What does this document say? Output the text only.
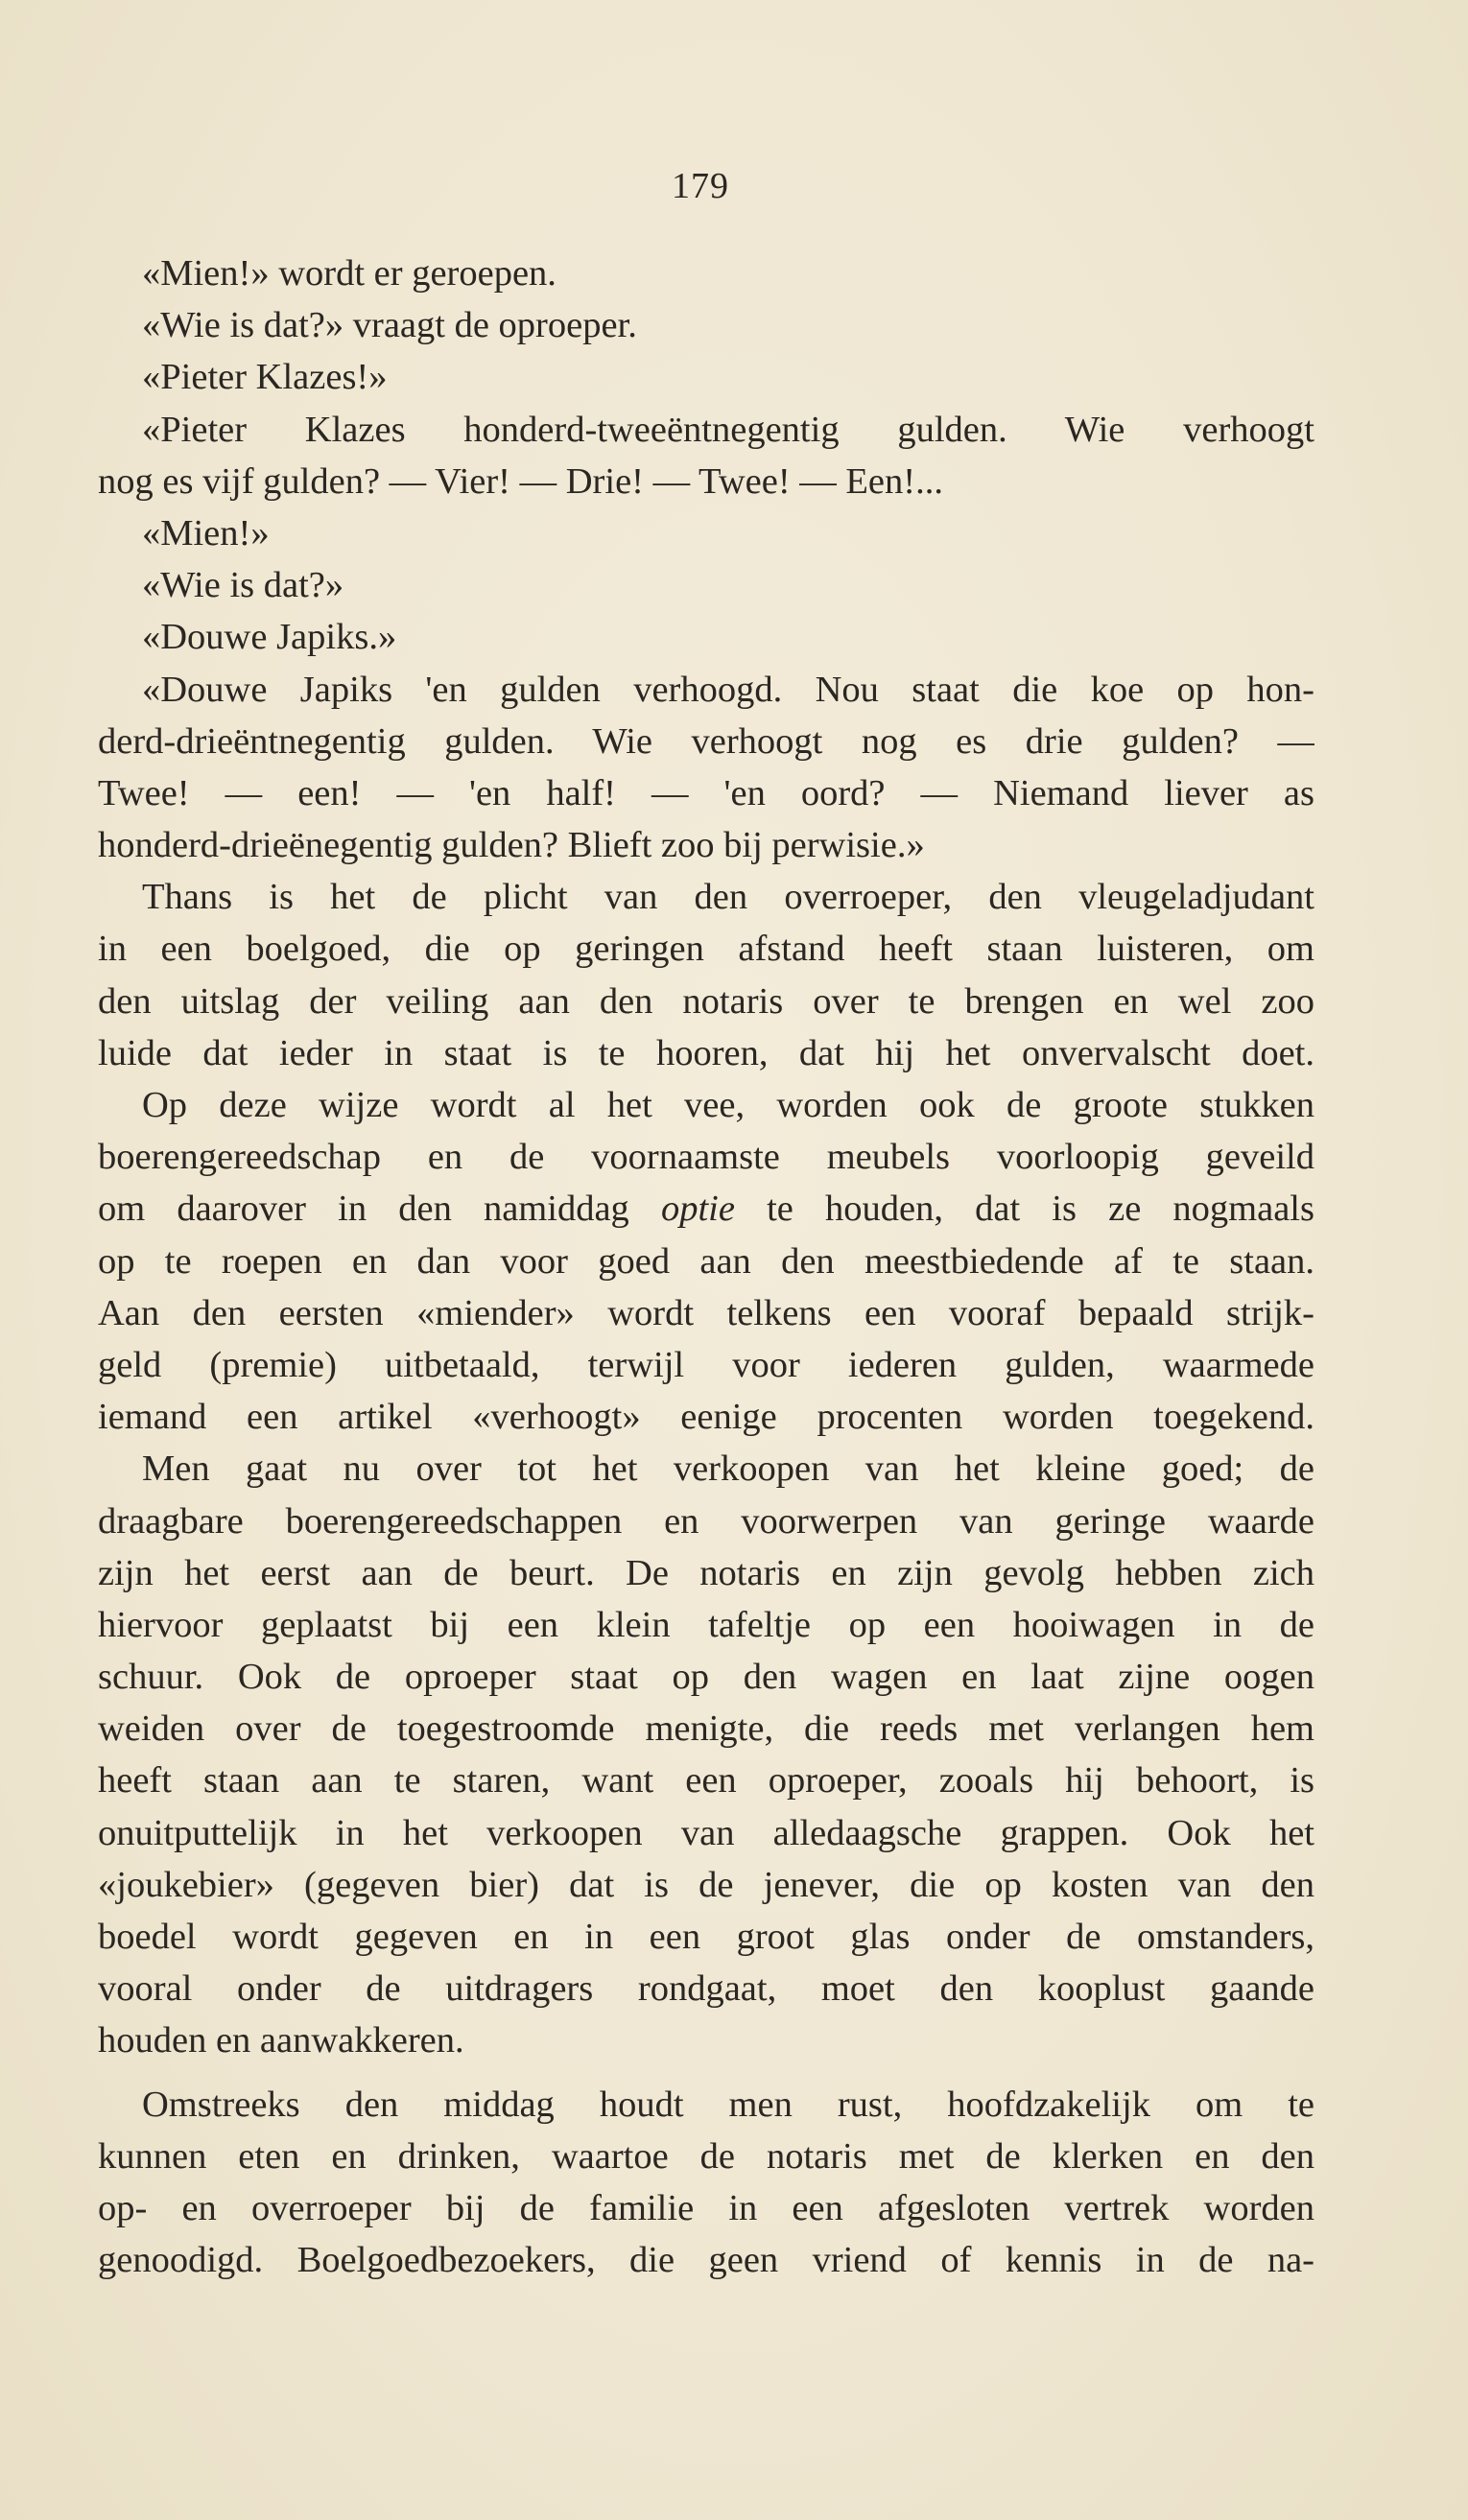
179
«Mien!» wordt er geroepen.
«Wie is dat?» vraagt de oproeper.
«Pieter Klazes!»
«Pieter Klazes honderd-tweeëntnegentig gulden. Wie verhoogt
nog es vijf gulden? — Vier! — Drie! — Twee! — Een!...
«Mien!»
«Wie is dat?»
«Douwe Japiks.»
«Douwe Japiks 'en gulden verhoogd. Nou staat die koe op hon-
derd-drieëntnegentig gulden. Wie verhoogt nog es drie gulden? —
Twee! — een! — 'en half! — 'en oord? — Niemand liever as
honderd-drieënegentig gulden? Blieft zoo bij perwisie.»
Thans is het de plicht van den overroeper, den vleugeladjudant
in een boelgoed, die op geringen afstand heeft staan luisteren, om
den uitslag der veiling aan den notaris over te brengen en wel zoo
luide dat ieder in staat is te hooren, dat hij het onvervalscht doet.
Op deze wijze wordt al het vee, worden ook de groote stukken
boerengereedschap en de voornaamste meubels voorloopig geveild
om daarover in den namiddag optie te houden, dat is ze nogmaals
op te roepen en dan voor goed aan den meestbiedende af te staan.
Aan den eersten «miender» wordt telkens een vooraf bepaald strijk-
geld (premie) uitbetaald, terwijl voor iederen gulden, waarmede
iemand een artikel «verhoogt» eenige procenten worden toegekend.
Men gaat nu over tot het verkoopen van het kleine goed; de
draagbare boerengereedschappen en voorwerpen van geringe waarde
zijn het eerst aan de beurt. De notaris en zijn gevolg hebben zich
hiervoor geplaatst bij een klein tafeltje op een hooiwagen in de
schuur. Ook de oproeper staat op den wagen en laat zijne oogen
weiden over de toegestroomde menigte, die reeds met verlangen hem
heeft staan aan te staren, want een oproeper, zooals hij behoort, is
onuitputtelijk in het verkoopen van alledaagsche grappen. Ook het
«joukebier» (gegeven bier) dat is de jenever, die op kosten van den
boedel wordt gegeven en in een groot glas onder de omstanders,
vooral onder de uitdragers rondgaat, moet den kooplust gaande
houden en aanwakkeren.
Omstreeks den middag houdt men rust, hoofdzakelijk om te
kunnen eten en drinken, waartoe de notaris met de klerken en den
op- en overroeper bij de familie in een afgesloten vertrek worden
genoodigd. Boelgoedbezoekers, die geen vriend of kennis in de na-
